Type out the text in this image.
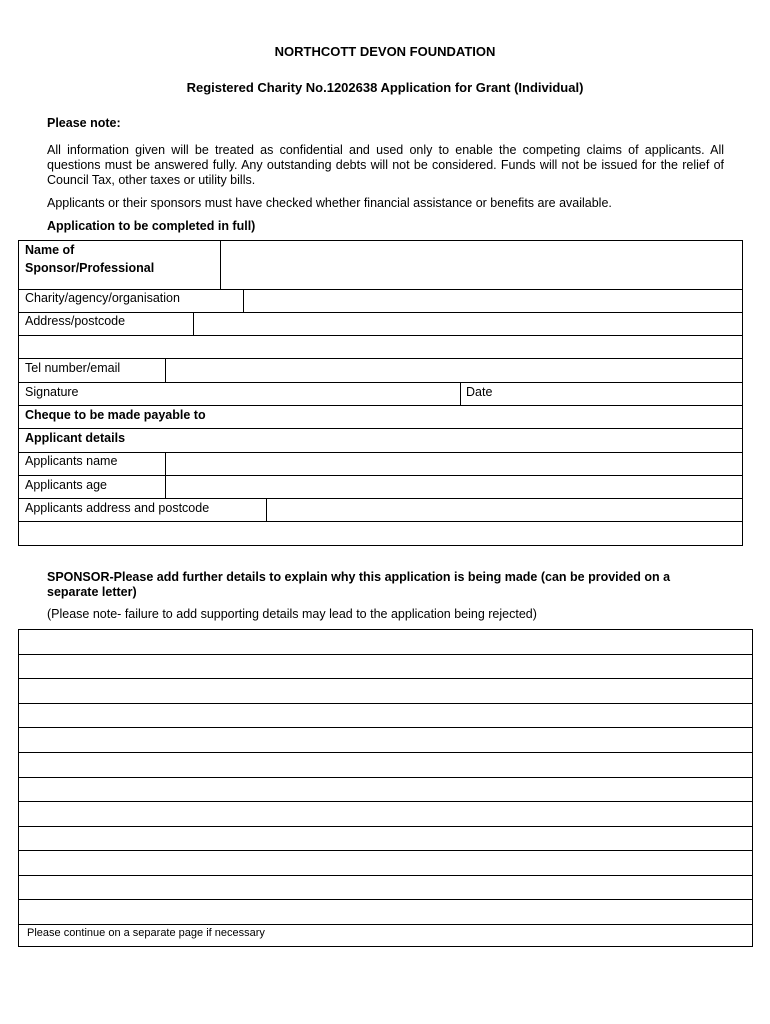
NORTHCOTT DEVON FOUNDATION
Registered Charity No.1202638 Application for Grant (Individual)
Please note:
All information given will be treated as confidential and used only to enable the competing claims of applicants. All questions must be answered fully. Any outstanding debts will not be considered. Funds will not be issued for the relief of Council Tax, other taxes or utility bills.
Applicants or their sponsors must have checked whether financial assistance or benefits are available.
Application to be completed in full)
Name of
Sponsor/Professional
Charity/agency/organisation
Address/postcode
Tel number/email
Signature	Date
Cheque to be made payable to
Applicant details
Applicants name
Applicants age
Applicants address and postcode
SPONSOR-Please add further details to explain why this application is being made (can be provided on a separate letter)
(Please note- failure to add supporting details may lead to the application being rejected)
Please continue on a separate page if necessary
